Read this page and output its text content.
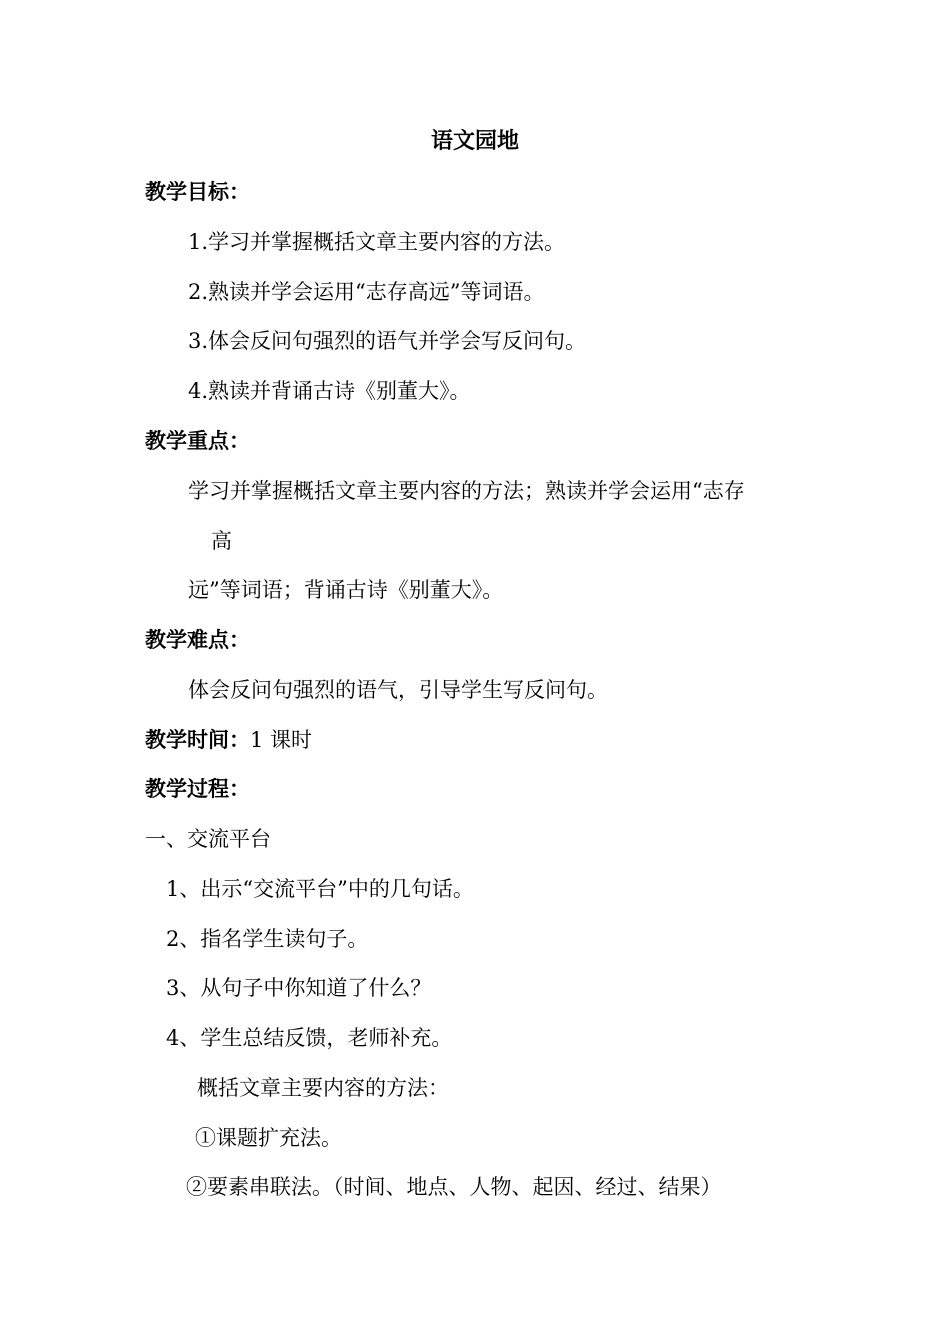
语文园地
教学目标：
1.学习并掌握概括文章主要内容的方法。
2.熟读并学会运用“志存高远”等词语。
3.体会反问句强烈的语气并学会写反问句。
4.熟读并背诵古诗《别董大》。
教学重点：
学习并掌握概括文章主要内容的方法；熟读并学会运用“志存
高
远”等词语；背诵古诗《别董大》。
教学难点：
体会反问句强烈的语气，引导学生写反问句。
教学时间：1 课时
教学过程：
一、交流平台
1、出示“交流平台”中的几句话。
2、指名学生读句子。
3、从句子中你知道了什么？
4、学生总结反馈，老师补充。
概括文章主要内容的方法：
①课题扩充法。
②要素串联法。（时间、地点、人物、起因、经过、结果）
